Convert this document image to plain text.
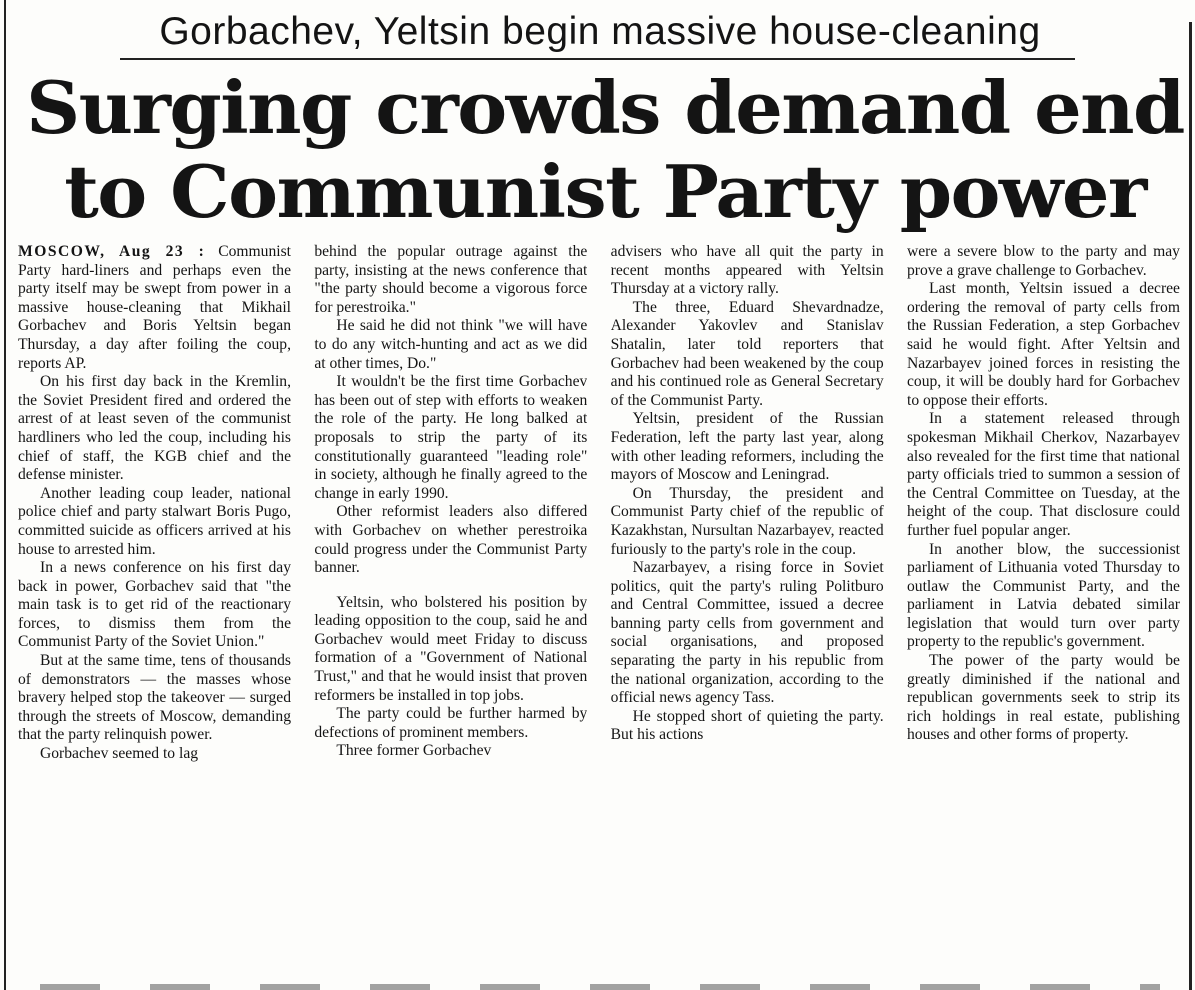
Gorbachev, Yeltsin begin massive house-cleaning
Surging crowds demand end
to Communist Party power

MOSCOW, Aug 23 : Communist Party hard-liners and perhaps even the party itself may be swept from power in a massive house-cleaning that Mikhail Gorbachev and Boris Yeltsin began Thursday, a day after foiling the coup, reports AP.

On his first day back in the Kremlin, the Soviet President fired and ordered the arrest of at least seven of the communist hardliners who led the coup, including his chief of staff, the KGB chief and the defense minister.

Another leading coup leader, national police chief and party stalwart Boris Pugo, committed suicide as officers arrived at his house to arrested him.

In a news conference on his first day back in power, Gorbachev said that "the main task is to get rid of the reactionary forces, to dismiss them from the Communist Party of the Soviet Union."

But at the same time, tens of thousands of demonstrators — the masses whose bravery helped stop the takeover — surged through the streets of Moscow, demanding that the party relinquish power.

Gorbachev seemed to lag

behind the popular outrage against the party, insisting at the news conference that "the party should become a vigorous force for perestroika."

He said he did not think "we will have to do any witch-hunting and act as we did at other times, Do."

It wouldn't be the first time Gorbachev has been out of step with efforts to weaken the role of the party. He long balked at proposals to strip the party of its constitutionally guaranteed "leading role" in society, although he finally agreed to the change in early 1990.

Other reformist leaders also differed with Gorbachev on whether perestroika could progress under the Communist Party banner.

Yeltsin, who bolstered his position by leading opposition to the coup, said he and Gorbachev would meet Friday to discuss formation of a "Government of National Trust," and that he would insist that proven reformers be installed in top jobs.

The party could be further harmed by defections of prominent members.

Three former Gorbachev

advisers who have all quit the party in recent months appeared with Yeltsin Thursday at a victory rally.

The three, Eduard Shevardnadze, Alexander Yakovlev and Stanislav Shatalin, later told reporters that Gorbachev had been weakened by the coup and his continued role as General Secretary of the Communist Party.

Yeltsin, president of the Russian Federation, left the party last year, along with other leading reformers, including the mayors of Moscow and Leningrad.

On Thursday, the president and Communist Party chief of the republic of Kazakhstan, Nursultan Nazarbayev, reacted furiously to the party's role in the coup.

Nazarbayev, a rising force in Soviet politics, quit the party's ruling Politburo and Central Committee, issued a decree banning party cells from government and social organisations, and proposed separating the party in his republic from the national organization, according to the official news agency Tass.

He stopped short of quieting the party. But his actions

were a severe blow to the party and may prove a grave challenge to Gorbachev.

Last month, Yeltsin issued a decree ordering the removal of party cells from the Russian Federation, a step Gorbachev said he would fight. After Yeltsin and Nazarbayev joined forces in resisting the coup, it will be doubly hard for Gorbachev to oppose their efforts.

In a statement released through spokesman Mikhail Cherkov, Nazarbayev also revealed for the first time that national party officials tried to summon a session of the Central Committee on Tuesday, at the height of the coup. That disclosure could further fuel popular anger.

In another blow, the successionist parliament of Lithuania voted Thursday to outlaw the Communist Party, and the parliament in Latvia debated similar legislation that would turn over party property to the republic's government.

The power of the party would be greatly diminished if the national and republican governments seek to strip its rich holdings in real estate, publishing houses and other forms of property.
